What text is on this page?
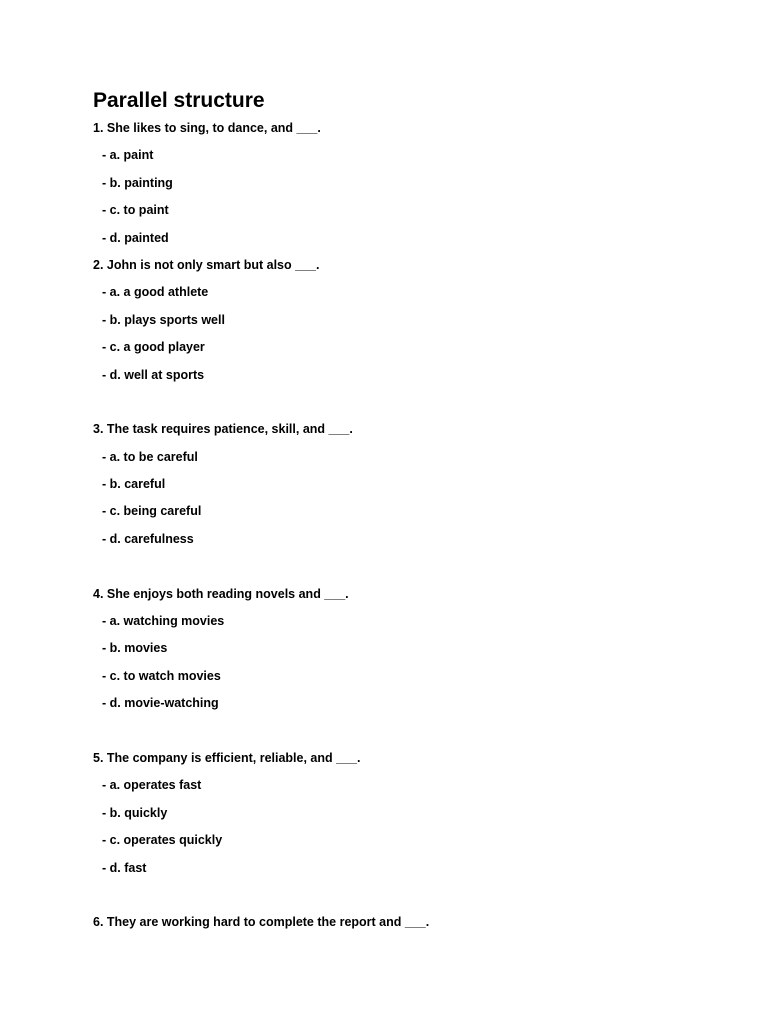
Parallel structure
1. She likes to sing, to dance, and ___.
- a. paint
- b. painting
- c. to paint
- d. painted
2. John is not only smart but also ___.
- a. a good athlete
- b. plays sports well
- c. a good player
- d. well at sports
3. The task requires patience, skill, and ___.
- a. to be careful
- b. careful
- c. being careful
- d. carefulness
4. She enjoys both reading novels and ___.
- a. watching movies
- b. movies
- c. to watch movies
- d. movie-watching
5. The company is efficient, reliable, and ___.
- a. operates fast
- b. quickly
- c. operates quickly
- d. fast
6. They are working hard to complete the report and ___.
